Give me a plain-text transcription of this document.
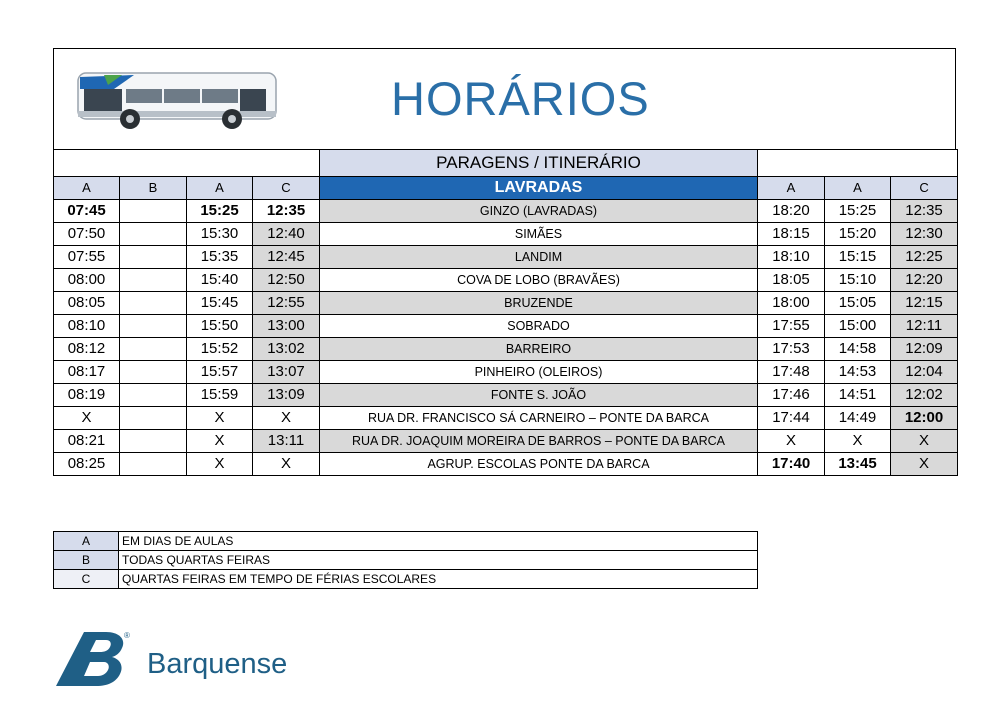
HORÁRIOS
				PARAGENS / ITINERÁRIO			
A	B	A	C	LAVRADAS	A	A	C
07:45		15:25	12:35	GINZO (LAVRADAS)	18:20	15:25	12:35
07:50		15:30	12:40	SIMÃES	18:15	15:20	12:30
07:55		15:35	12:45	LANDIM	18:10	15:15	12:25
08:00		15:40	12:50	COVA DE LOBO (BRAVÃES)	18:05	15:10	12:20
08:05		15:45	12:55	BRUZENDE	18:00	15:05	12:15
08:10		15:50	13:00	SOBRADO	17:55	15:00	12:11
08:12		15:52	13:02	BARREIRO	17:53	14:58	12:09
08:17		15:57	13:07	PINHEIRO (OLEIROS)	17:48	14:53	12:04
08:19		15:59	13:09	FONTE S. JOÃO	17:46	14:51	12:02
X		X	X	RUA DR. FRANCISCO SÁ CARNEIRO – PONTE DA BARCA	17:44	14:49	12:00
08:21		X	13:11	RUA DR. JOAQUIM MOREIRA DE BARROS – PONTE DA BARCA	X	X	X
08:25		X	X	AGRUP. ESCOLAS PONTE DA BARCA	17:40	13:45	X
A	EM DIAS DE AULAS
B	TODAS QUARTAS FEIRAS
C	QUARTAS FEIRAS EM TEMPO DE FÉRIAS ESCOLARES
®
Barquense
